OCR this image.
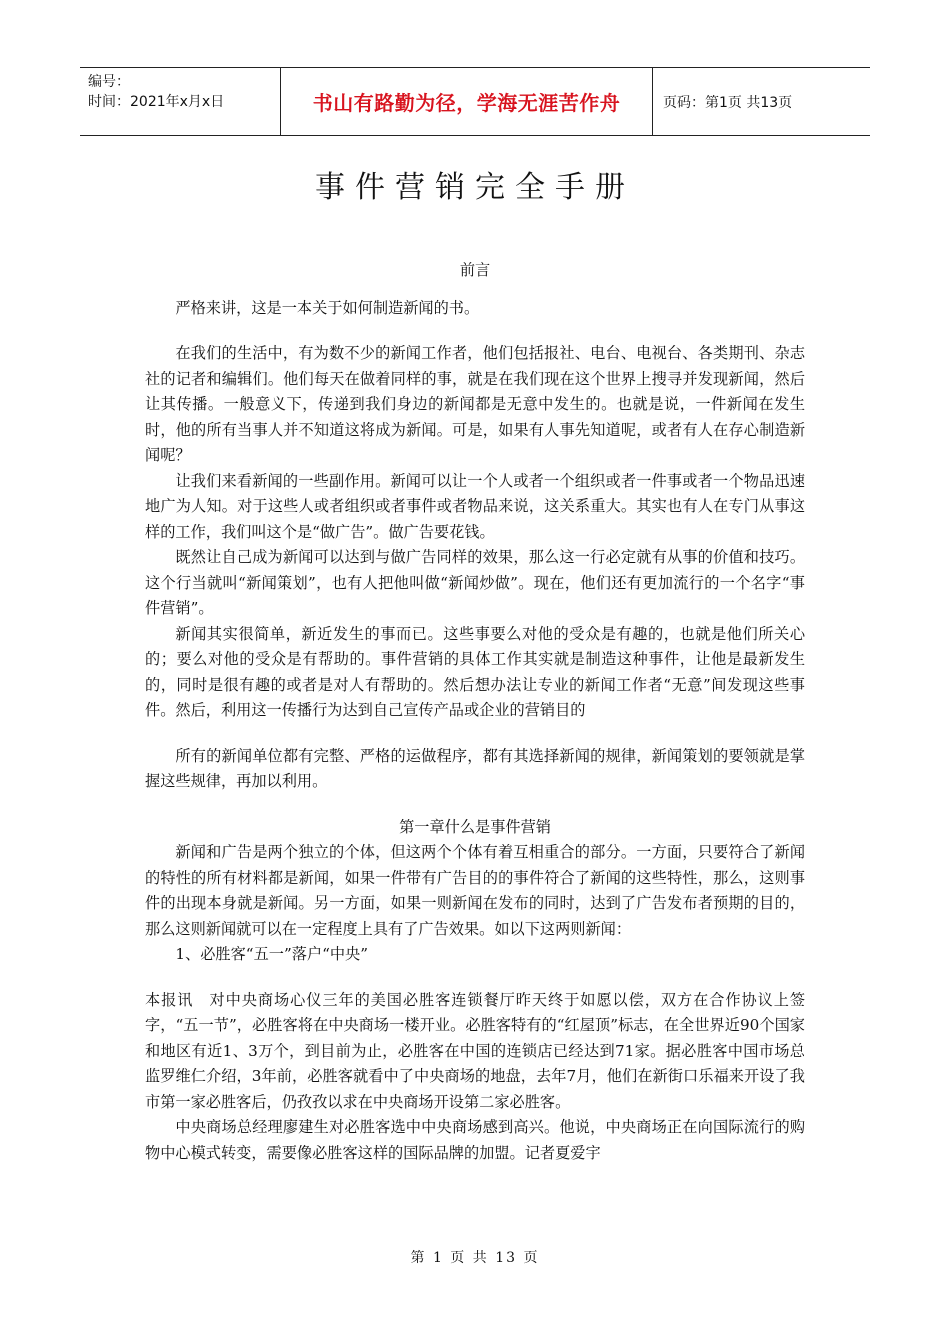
编号：
时间：2021年x月x日	书山有路勤为径，学海无涯苦作舟	页码：第1页 共13页
事件营销完全手册

前言

严格来讲，这是一本关于如何制造新闻的书。

在我们的生活中，有为数不少的新闻工作者，他们包括报社、电台、电视台、各类期刊、杂志社的记者和编辑们。他们每天在做着同样的事，就是在我们现在这个世界上搜寻并发现新闻，然后让其传播。一般意义下，传递到我们身边的新闻都是无意中发生的。也就是说，一件新闻在发生时，他的所有当事人并不知道这将成为新闻。可是，如果有人事先知道呢，或者有人在存心制造新闻呢？

让我们来看新闻的一些副作用。新闻可以让一个人或者一个组织或者一件事或者一个物品迅速地广为人知。对于这些人或者组织或者事件或者物品来说，这关系重大。其实也有人在专门从事这样的工作，我们叫这个是“做广告”。做广告要花钱。

既然让自己成为新闻可以达到与做广告同样的效果，那么这一行必定就有从事的价值和技巧。这个行当就叫“新闻策划”，也有人把他叫做“新闻炒做”。现在，他们还有更加流行的一个名字“事件营销”。

新闻其实很简单，新近发生的事而已。这些事要么对他的受众是有趣的，也就是他们所关心的；要么对他的受众是有帮助的。事件营销的具体工作其实就是制造这种事件，让他是最新发生的，同时是很有趣的或者是对人有帮助的。然后想办法让专业的新闻工作者“无意”间发现这些事件。然后，利用这一传播行为达到自己宣传产品或企业的营销目的

所有的新闻单位都有完整、严格的运做程序，都有其选择新闻的规律，新闻策划的要领就是掌握这些规律，再加以利用。

第一章什么是事件营销

新闻和广告是两个独立的个体，但这两个个体有着互相重合的部分。一方面，只要符合了新闻的特性的所有材料都是新闻，如果一件带有广告目的的事件符合了新闻的这些特性，那么，这则事件的出现本身就是新闻。另一方面，如果一则新闻在发布的同时，达到了广告发布者预期的目的，那么这则新闻就可以在一定程度上具有了广告效果。如以下这两则新闻：

1、必胜客“五一”落户“中央”

本报讯　对中央商场心仪三年的美国必胜客连锁餐厅昨天终于如愿以偿，双方在合作协议上签字，“五一节”，必胜客将在中央商场一楼开业。必胜客特有的“红屋顶”标志，在全世界近90个国家和地区有近1、3万个，到目前为止，必胜客在中国的连锁店已经达到71家。据必胜客中国市场总监罗维仁介绍，3年前，必胜客就看中了中央商场的地盘，去年7月，他们在新街口乐福来开设了我市第一家必胜客后，仍孜孜以求在中央商场开设第二家必胜客。

中央商场总经理廖建生对必胜客选中中央商场感到高兴。他说，中央商场正在向国际流行的购物中心模式转变，需要像必胜客这样的国际品牌的加盟。记者夏爱宇

第 1 页 共 13 页
